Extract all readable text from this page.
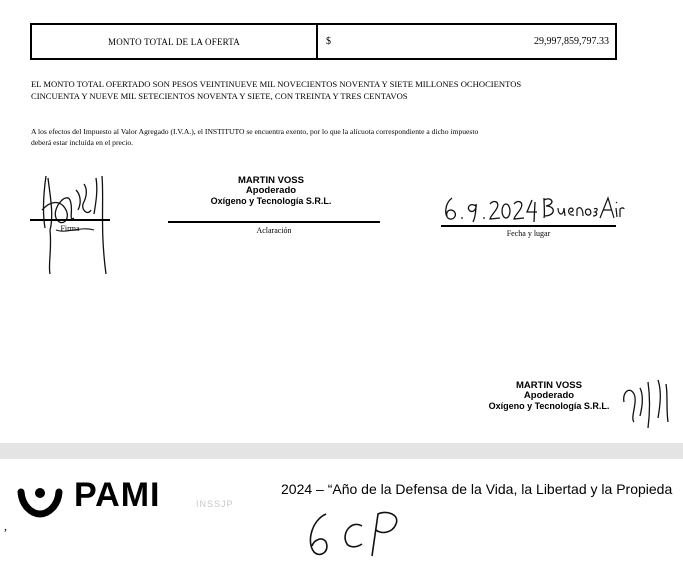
MONTO TOTAL DE LA OFERTA	$	29,997,859,797.33
EL MONTO TOTAL OFERTADO SON PESOS VEINTINUEVE MIL NOVECIENTOS NOVENTA Y SIETE MILLONES OCHOCIENTOS
CINCUENTA Y NUEVE MIL SETECIENTOS NOVENTA Y SIETE, CON TREINTA Y TRES CENTAVOS
A los efectos del Impuesto al Valor Agregado (I.V.A.), el INSTITUTO se encuentra exento, por lo que la alícuota correspondiente a dicho impuesto
deberá estar incluída en el precio.
Firma
MARTIN VOSS
Apoderado
Oxígeno y Tecnología S.R.L.
Aclaración	Fecha y lugar
MARTIN VOSS
Apoderado
Oxígeno y Tecnología S.R.L.
PAMI	INSSJP
2024 – “Año de la Defensa de la Vida, la Libertad y la Propieda
,
